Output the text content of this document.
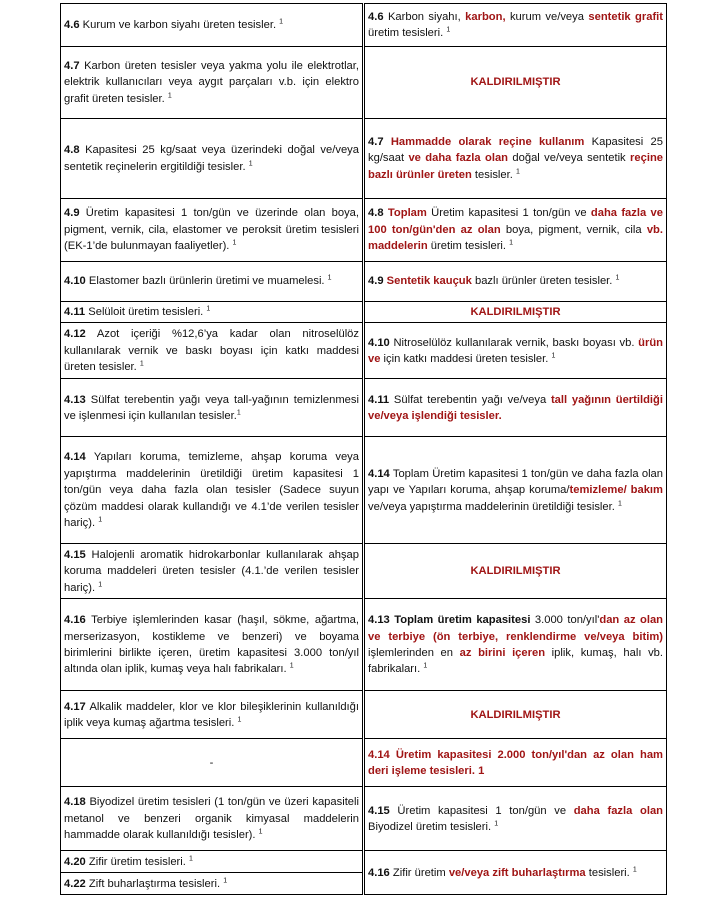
4.6 Kurum ve karbon siyahı üreten tesisler. $^1$	4.6 Karbon siyahı, karbon, kurum ve/veya sentetik grafit üretim tesisleri. $^1$
4.7 Karbon üreten tesisler veya yakma yolu ile elektrotlar, elektrik kullanıcıları veya aygıt parçaları v.b. için elektro grafit üreten tesisler. $^1$	KALDIRILMIŞTIR
4.8 Kapasitesi 25 kg/saat veya üzerindeki doğal ve/veya sentetik reçinelerin ergitildiği tesisler. $^1$	4.7 Hammadde olarak reçine kullanım Kapasitesi 25 kg/saat ve daha fazla olan doğal ve/veya sentetik reçine bazlı ürünler üreten tesisler. $^1$
4.9 Üretim kapasitesi 1 ton/gün ve üzerinde olan boya, pigment, vernik, cila, elastomer ve peroksit üretim tesisleri (EK-1’de bulunmayan faaliyetler). $^1$	4.8 Toplam Üretim kapasitesi 1 ton/gün ve daha fazla ve 100 ton/gün'den az olan boya, pigment, vernik, cila vb. maddelerin üretim tesisleri. $^1$
4.10 Elastomer bazlı ürünlerin üretimi ve muamelesi. $^1$	4.9 Sentetik kauçuk bazlı ürünler üreten tesisler. $^1$
4.11 Selüloit üretim tesisleri. $^1$	KALDIRILMIŞTIR
4.12 Azot içeriği %12,6’ya kadar olan nitroselülöz kullanılarak vernik ve baskı boyası için katkı maddesi üreten tesisler. $^1$	4.10 Nitroselülöz kullanılarak vernik, baskı boyası vb. ürün ve için katkı maddesi üreten tesisler. $^1$
4.13 Sülfat terebentin yağı veya tall-yağının temizlenmesi ve işlenmesi için kullanılan tesisler.$^1$	4.11 Sülfat terebentin yağı ve/veya tall yağının üertildiği ve/veya işlendiği tesisler.
4.14 Yapıları koruma, temizleme, ahşap koruma veya yapıştırma maddelerinin üretildiği üretim kapasitesi 1 ton/gün veya daha fazla olan tesisler (Sadece suyun çözüm maddesi olarak kullandığı ve 4.1’de verilen tesisler hariç). $^1$	4.14 Toplam Üretim kapasitesi 1 ton/gün ve daha fazla olan yapı ve Yapıları koruma, ahşap koruma/temizleme/ bakım ve/veya yapıştırma maddelerinin üretildiği tesisler. $^1$
4.15 Halojenli aromatik hidrokarbonlar kullanılarak ahşap koruma maddeleri üreten tesisler (4.1.’de verilen tesisler hariç). $^1$	KALDIRILMIŞTIR
4.16 Terbiye işlemlerinden kasar (haşıl, sökme, ağartma, merserizasyon, kostikleme ve benzeri) ve boyama birimlerini birlikte içeren, üretim kapasitesi 3.000 ton/yıl altında olan iplik, kumaş veya halı fabrikaları. $^1$	4.13 Toplam üretim kapasitesi 3.000 ton/yıl'dan az olan ve terbiye (ön terbiye, renklendirme ve/veya bitim) işlemlerinden en az birini içeren iplik, kumaş, halı vb. fabrikaları. $^1$
4.17 Alkalik maddeler, klor ve klor bileşiklerinin kullanıldığı iplik veya kumaş ağartma tesisleri. $^1$	KALDIRILMIŞTIR
-	4.14 Üretim kapasitesi 2.000 ton/yıl'dan az olan ham deri işleme tesisleri. 1
4.18 Biyodizel üretim tesisleri (1 ton/gün ve üzeri kapasiteli metanol ve benzeri organik kimyasal maddelerin hammadde olarak kullanıldığı tesisler). $^1$	4.15 Üretim kapasitesi 1 ton/gün ve daha fazla olan Biyodizel üretim tesisleri. $^1$
4.20 Zifir üretim tesisleri. $^1$	4.16 Zifir üretim ve/veya zift buharlaştırma tesisleri. $^1$
4.22 Zift buharlaştırma tesisleri. $^1$
